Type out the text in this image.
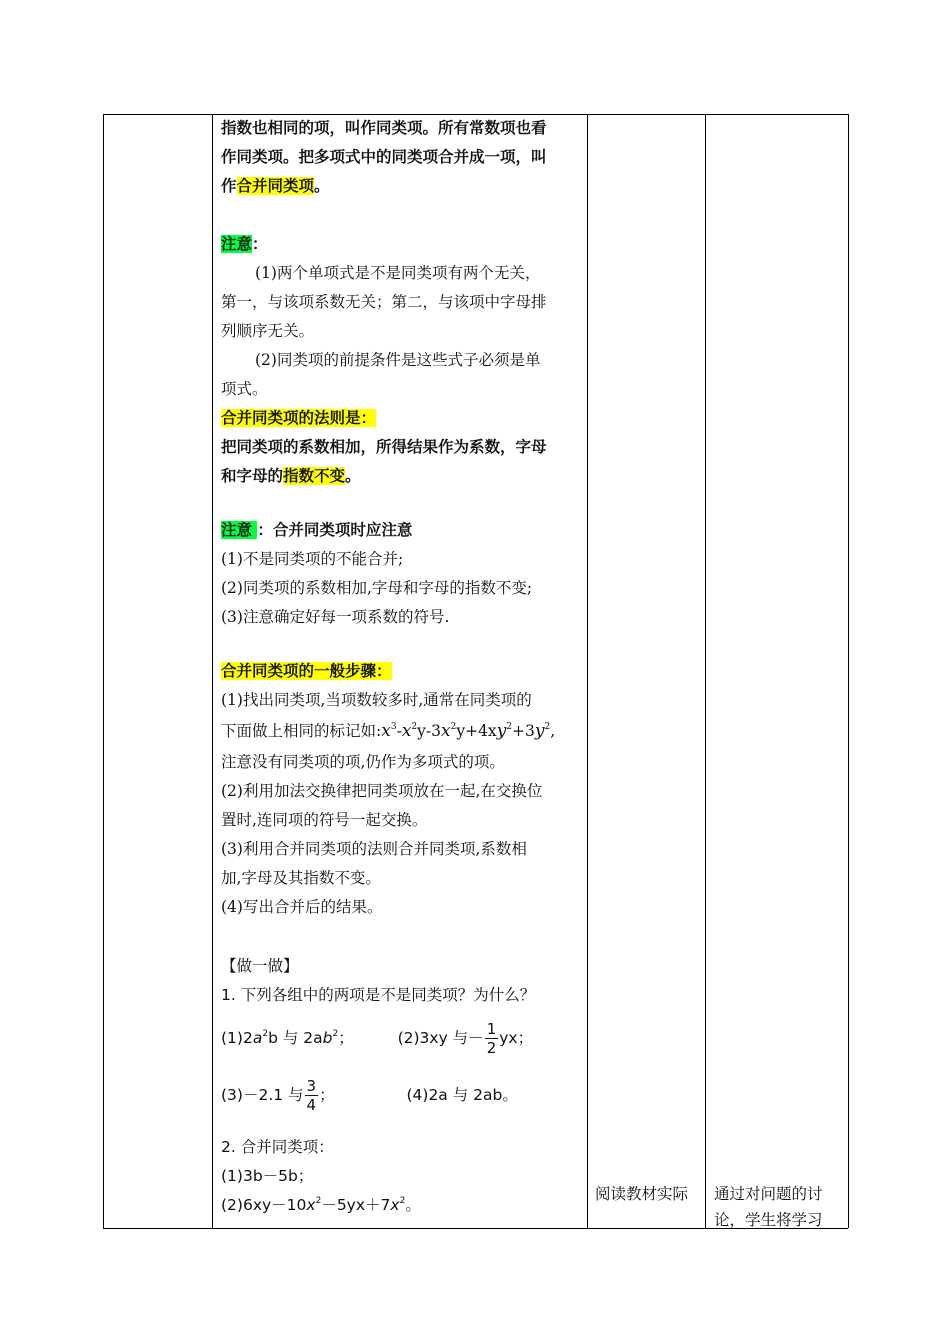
指数也相同的项，叫作同类项。所有常数项也看
作同类项。把多项式中的同类项合并成一项，叫
作合并同类项。
注意：
(1)两个单项式是不是同类项有两个无关，
第一，与该项系数无关；第二，与该项中字母排
列顺序无关。
(2)同类项的前提条件是这些式子必须是单
项式。
合并同类项的法则是：
把同类项的系数相加，所得结果作为系数，字母
和字母的指数不变。
注意 ：合并同类项时应注意
(1)不是同类项的不能合并;
(2)同类项的系数相加,字母和字母的指数不变;
(3)注意确定好每一项系数的符号.
合并同类项的一般步骤：
(1)找出同类项,当项数较多时,通常在同类项的
下面做上相同的标记如$:x^3-x^2y-3x^2y+4xy^2+3y^2$,
注意没有同类项的项,仍作为多项式的项。
(2)利用加法交换律把同类项放在一起,在交换位
置时,连同项的符号一起交换。
(3)利用合并同类项的法则合并同类项,系数相
加,字母及其指数不变。
(4)写出合并后的结果。
【做一做】
1. 下列各组中的两项是不是同类项？为什么？
$(1)2a^2b$ 与 $2ab^2$；	(2)3xy 与－ $\frac{1}{2}$ yx；
(3)－2.1 与 $\frac{3}{4}$ ；	(4)2a 与 2ab。
2. 合并同类项：
(1)3b－5b；
$(2)6xy-10x^2-5yx+7x^2$。
阅读教材实际 通过对问题的讨
论，学生将学习
